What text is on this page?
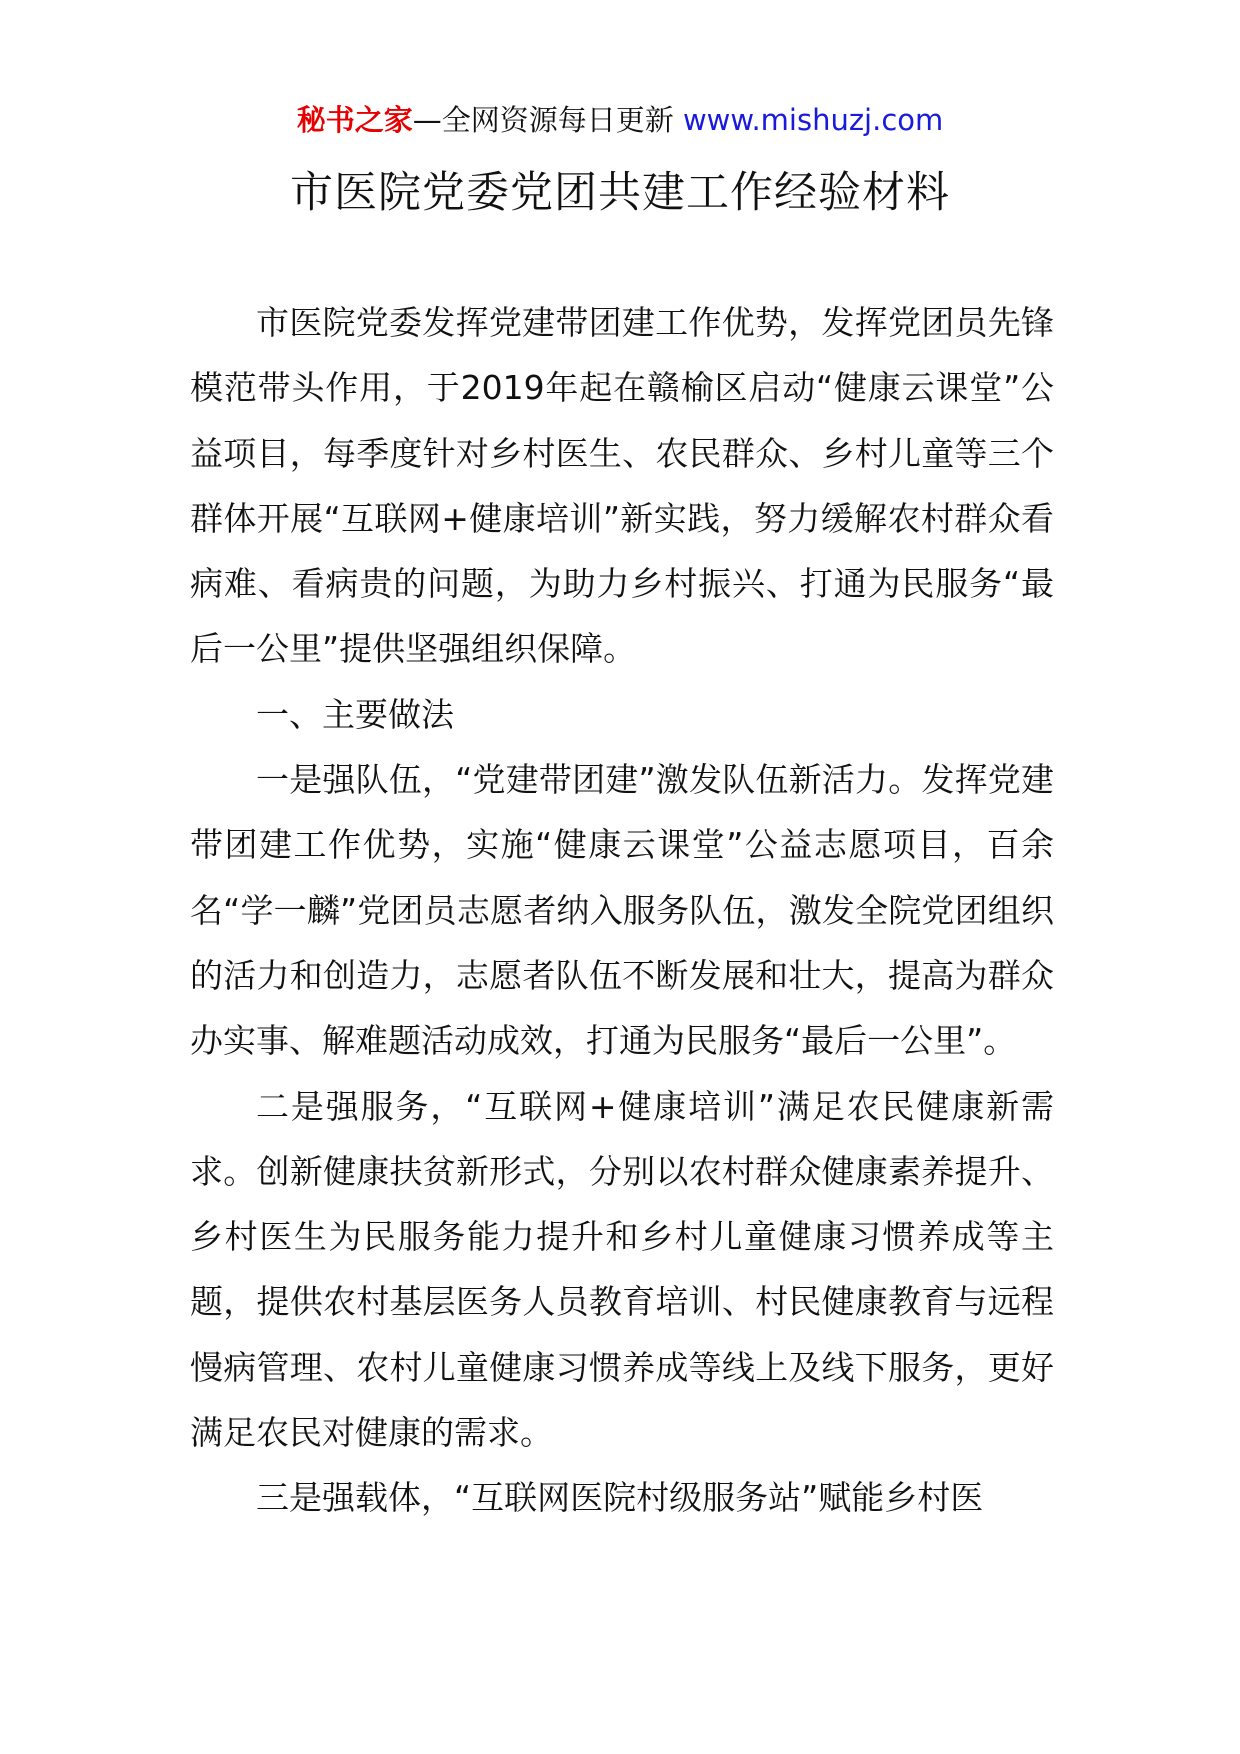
秘书之家—全网资源每日更新 www.mishuzj.com
市医院党委党团共建工作经验材料

市医院党委发挥党建带团建工作优势，发挥党团员先锋模范带头作用，于2019年起在赣榆区启动“健康云课堂”公益项目，每季度针对乡村医生、农民群众、乡村儿童等三个群体开展“互联网+健康培训”新实践，努力缓解农村群众看病难、看病贵的问题，为助力乡村振兴、打通为民服务“最后一公里”提供坚强组织保障。

一、主要做法

一是强队伍，“党建带团建”激发队伍新活力。发挥党建带团建工作优势，实施“健康云课堂”公益志愿项目，百余名“学一麟”党团员志愿者纳入服务队伍，激发全院党团组织的活力和创造力，志愿者队伍不断发展和壮大，提高为群众办实事、解难题活动成效，打通为民服务“最后一公里”。

二是强服务，“互联网+健康培训”满足农民健康新需求。创新健康扶贫新形式，分别以农村群众健康素养提升、乡村医生为民服务能力提升和乡村儿童健康习惯养成等主题，提供农村基层医务人员教育培训、村民健康教育与远程慢病管理、农村儿童健康习惯养成等线上及线下服务，更好满足农民对健康的需求。

三是强载体，“互联网医院村级服务站”赋能乡村医
